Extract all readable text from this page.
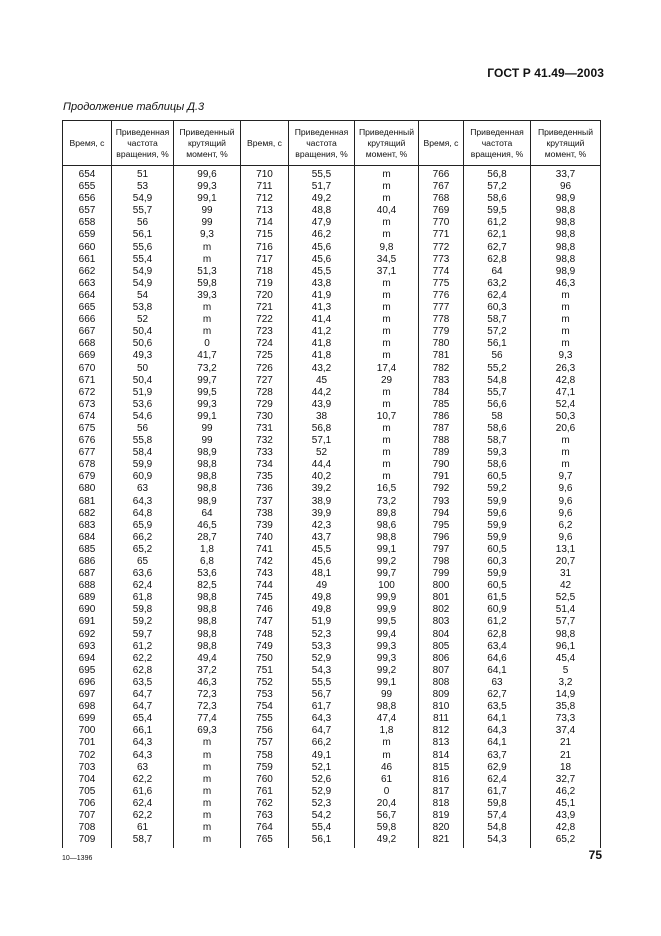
ГОСТ Р 41.49—2003
Продолжение таблицы Д.3
Время, с	Приведенная частота вращения, %	Приведенный крутящий момент, %	Время, с	Приведенная частота вращения, %	Приведенный крутящий момент, %	Время, с	Приведенная частота вращения, %	Приведенный крутящий момент, %
654	51	99,6	710	55,5	m	766	56,8	33,7
655	53	99,3	711	51,7	m	767	57,2	96
656	54,9	99,1	712	49,2	m	768	58,6	98,9
657	55,7	99	713	48,8	40,4	769	59,5	98,8
658	56	99	714	47,9	m	770	61,2	98,8
659	56,1	9,3	715	46,2	m	771	62,1	98,8
660	55,6	m	716	45,6	9,8	772	62,7	98,8
661	55,4	m	717	45,6	34,5	773	62,8	98,8
662	54,9	51,3	718	45,5	37,1	774	64	98,9
663	54,9	59,8	719	43,8	m	775	63,2	46,3
664	54	39,3	720	41,9	m	776	62,4	m
665	53,8	m	721	41,3	m	777	60,3	m
666	52	m	722	41,4	m	778	58,7	m
667	50,4	m	723	41,2	m	779	57,2	m
668	50,6	0	724	41,8	m	780	56,1	m
669	49,3	41,7	725	41,8	m	781	56	9,3
670	50	73,2	726	43,2	17,4	782	55,2	26,3
671	50,4	99,7	727	45	29	783	54,8	42,8
672	51,9	99,5	728	44,2	m	784	55,7	47,1
673	53,6	99,3	729	43,9	m	785	56,6	52,4
674	54,6	99,1	730	38	10,7	786	58	50,3
675	56	99	731	56,8	m	787	58,6	20,6
676	55,8	99	732	57,1	m	788	58,7	m
677	58,4	98,9	733	52	m	789	59,3	m
678	59,9	98,8	734	44,4	m	790	58,6	m
679	60,9	98,8	735	40,2	m	791	60,5	9,7
680	63	98,8	736	39,2	16,5	792	59,2	9,6
681	64,3	98,9	737	38,9	73,2	793	59,9	9,6
682	64,8	64	738	39,9	89,8	794	59,6	9,6
683	65,9	46,5	739	42,3	98,6	795	59,9	6,2
684	66,2	28,7	740	43,7	98,8	796	59,9	9,6
685	65,2	1,8	741	45,5	99,1	797	60,5	13,1
686	65	6,8	742	45,6	99,2	798	60,3	20,7
687	63,6	53,6	743	48,1	99,7	799	59,9	31
688	62,4	82,5	744	49	100	800	60,5	42
689	61,8	98,8	745	49,8	99,9	801	61,5	52,5
690	59,8	98,8	746	49,8	99,9	802	60,9	51,4
691	59,2	98,8	747	51,9	99,5	803	61,2	57,7
692	59,7	98,8	748	52,3	99,4	804	62,8	98,8
693	61,2	98,8	749	53,3	99,3	805	63,4	96,1
694	62,2	49,4	750	52,9	99,3	806	64,6	45,4
695	62,8	37,2	751	54,3	99,2	807	64,1	5
696	63,5	46,3	752	55,5	99,1	808	63	3,2
697	64,7	72,3	753	56,7	99	809	62,7	14,9
698	64,7	72,3	754	61,7	98,8	810	63,5	35,8
699	65,4	77,4	755	64,3	47,4	811	64,1	73,3
700	66,1	69,3	756	64,7	1,8	812	64,3	37,4
701	64,3	m	757	66,2	m	813	64,1	21
702	64,3	m	758	49,1	m	814	63,7	21
703	63	m	759	52,1	46	815	62,9	18
704	62,2	m	760	52,6	61	816	62,4	32,7
705	61,6	m	761	52,9	0	817	61,7	46,2
706	62,4	m	762	52,3	20,4	818	59,8	45,1
707	62,2	m	763	54,2	56,7	819	57,4	43,9
708	61	m	764	55,4	59,8	820	54,8	42,8
709	58,7	m	765	56,1	49,2	821	54,3	65,2
10—1396	75
